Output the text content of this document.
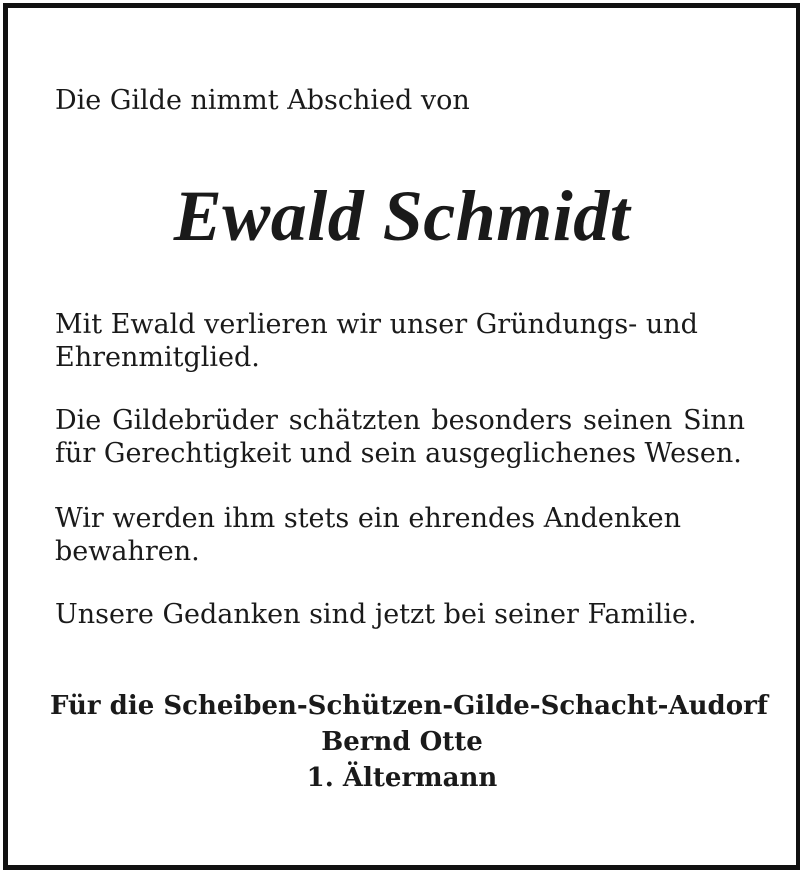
Die Gilde nimmt Abschied von

Ewald Schmidt

Mit Ewald verlieren wir unser Gründungs- und Ehrenmitglied.

Die Gildebrüder schätzten besonders seinen Sinn für Gerechtigkeit und sein ausgeglichenes Wesen.

Wir werden ihm stets ein ehrendes Andenken bewahren.

Unsere Gedanken sind jetzt bei seiner Familie.

Für die Scheiben-Schützen-Gilde-Schacht-Audorf
Bernd Otte
1. Ältermann
